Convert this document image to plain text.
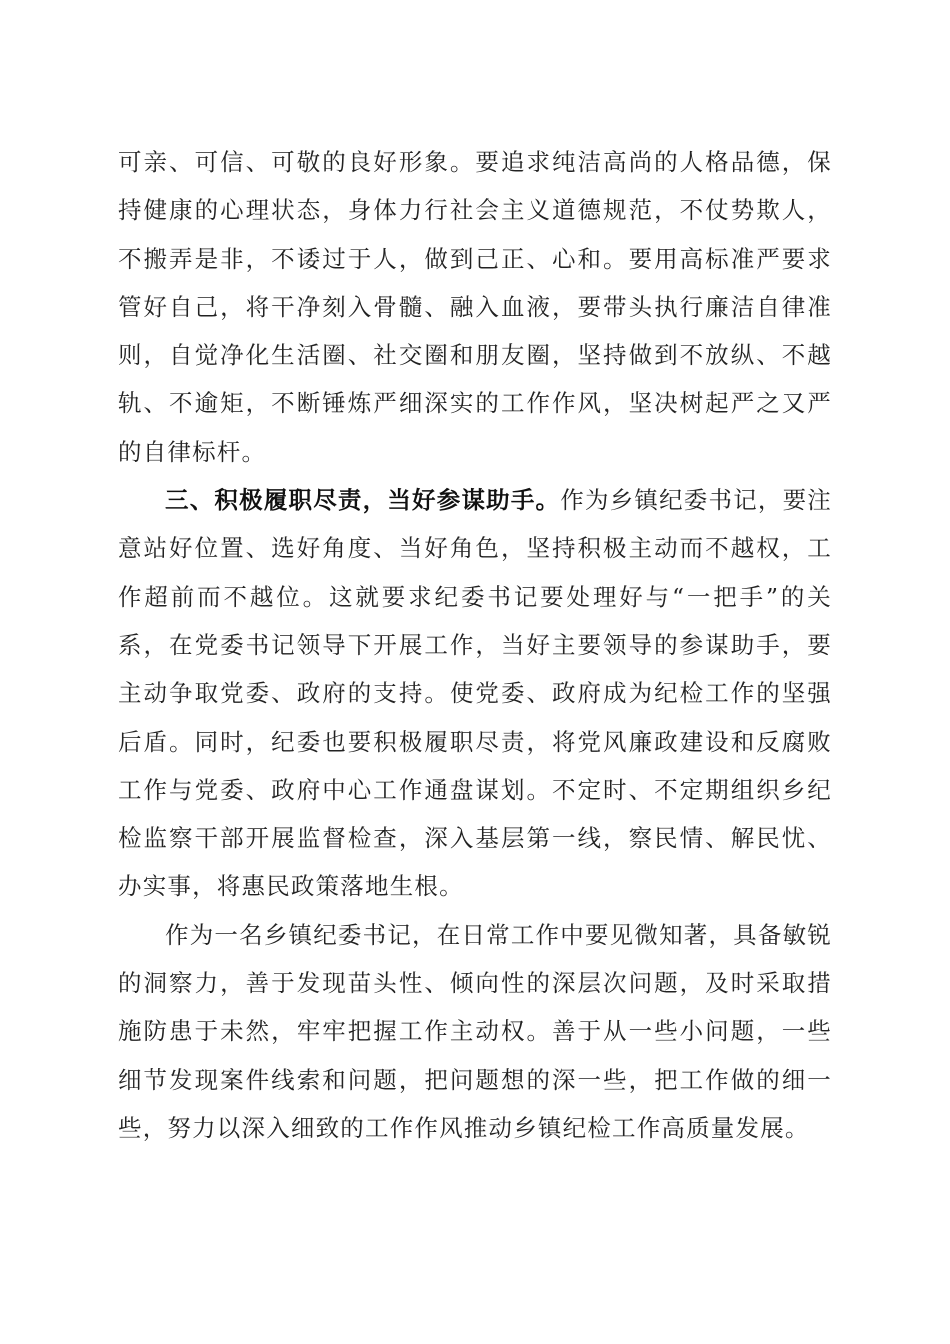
可亲、可信、可敬的良好形象。要追求纯洁高尚的人格品德，保持健康的心理状态，身体力行社会主义道德规范，不仗势欺人，不搬弄是非，不诿过于人，做到己正、心和。要用高标准严要求管好自己，将干净刻入骨髓、融入血液，要带头执行廉洁自律准则，自觉净化生活圈、社交圈和朋友圈，坚持做到不放纵、不越轨、不逾矩，不断锤炼严细深实的工作作风，坚决树起严之又严的自律标杆。

三、积极履职尽责，当好参谋助手。作为乡镇纪委书记，要注意站好位置、选好角度、当好角色，坚持积极主动而不越权，工作超前而不越位。这就要求纪委书记要处理好与“一把手”的关系，在党委书记领导下开展工作，当好主要领导的参谋助手，要主动争取党委、政府的支持。使党委、政府成为纪检工作的坚强后盾。同时，纪委也要积极履职尽责，将党风廉政建设和反腐败工作与党委、政府中心工作通盘谋划。不定时、不定期组织乡纪检监察干部开展监督检查，深入基层第一线，察民情、解民忧、办实事，将惠民政策落地生根。

作为一名乡镇纪委书记，在日常工作中要见微知著，具备敏锐的洞察力，善于发现苗头性、倾向性的深层次问题，及时采取措施防患于未然，牢牢把握工作主动权。善于从一些小问题，一些细节发现案件线索和问题，把问题想的深一些，把工作做的细一些，努力以深入细致的工作作风推动乡镇纪检工作高质量发展。
